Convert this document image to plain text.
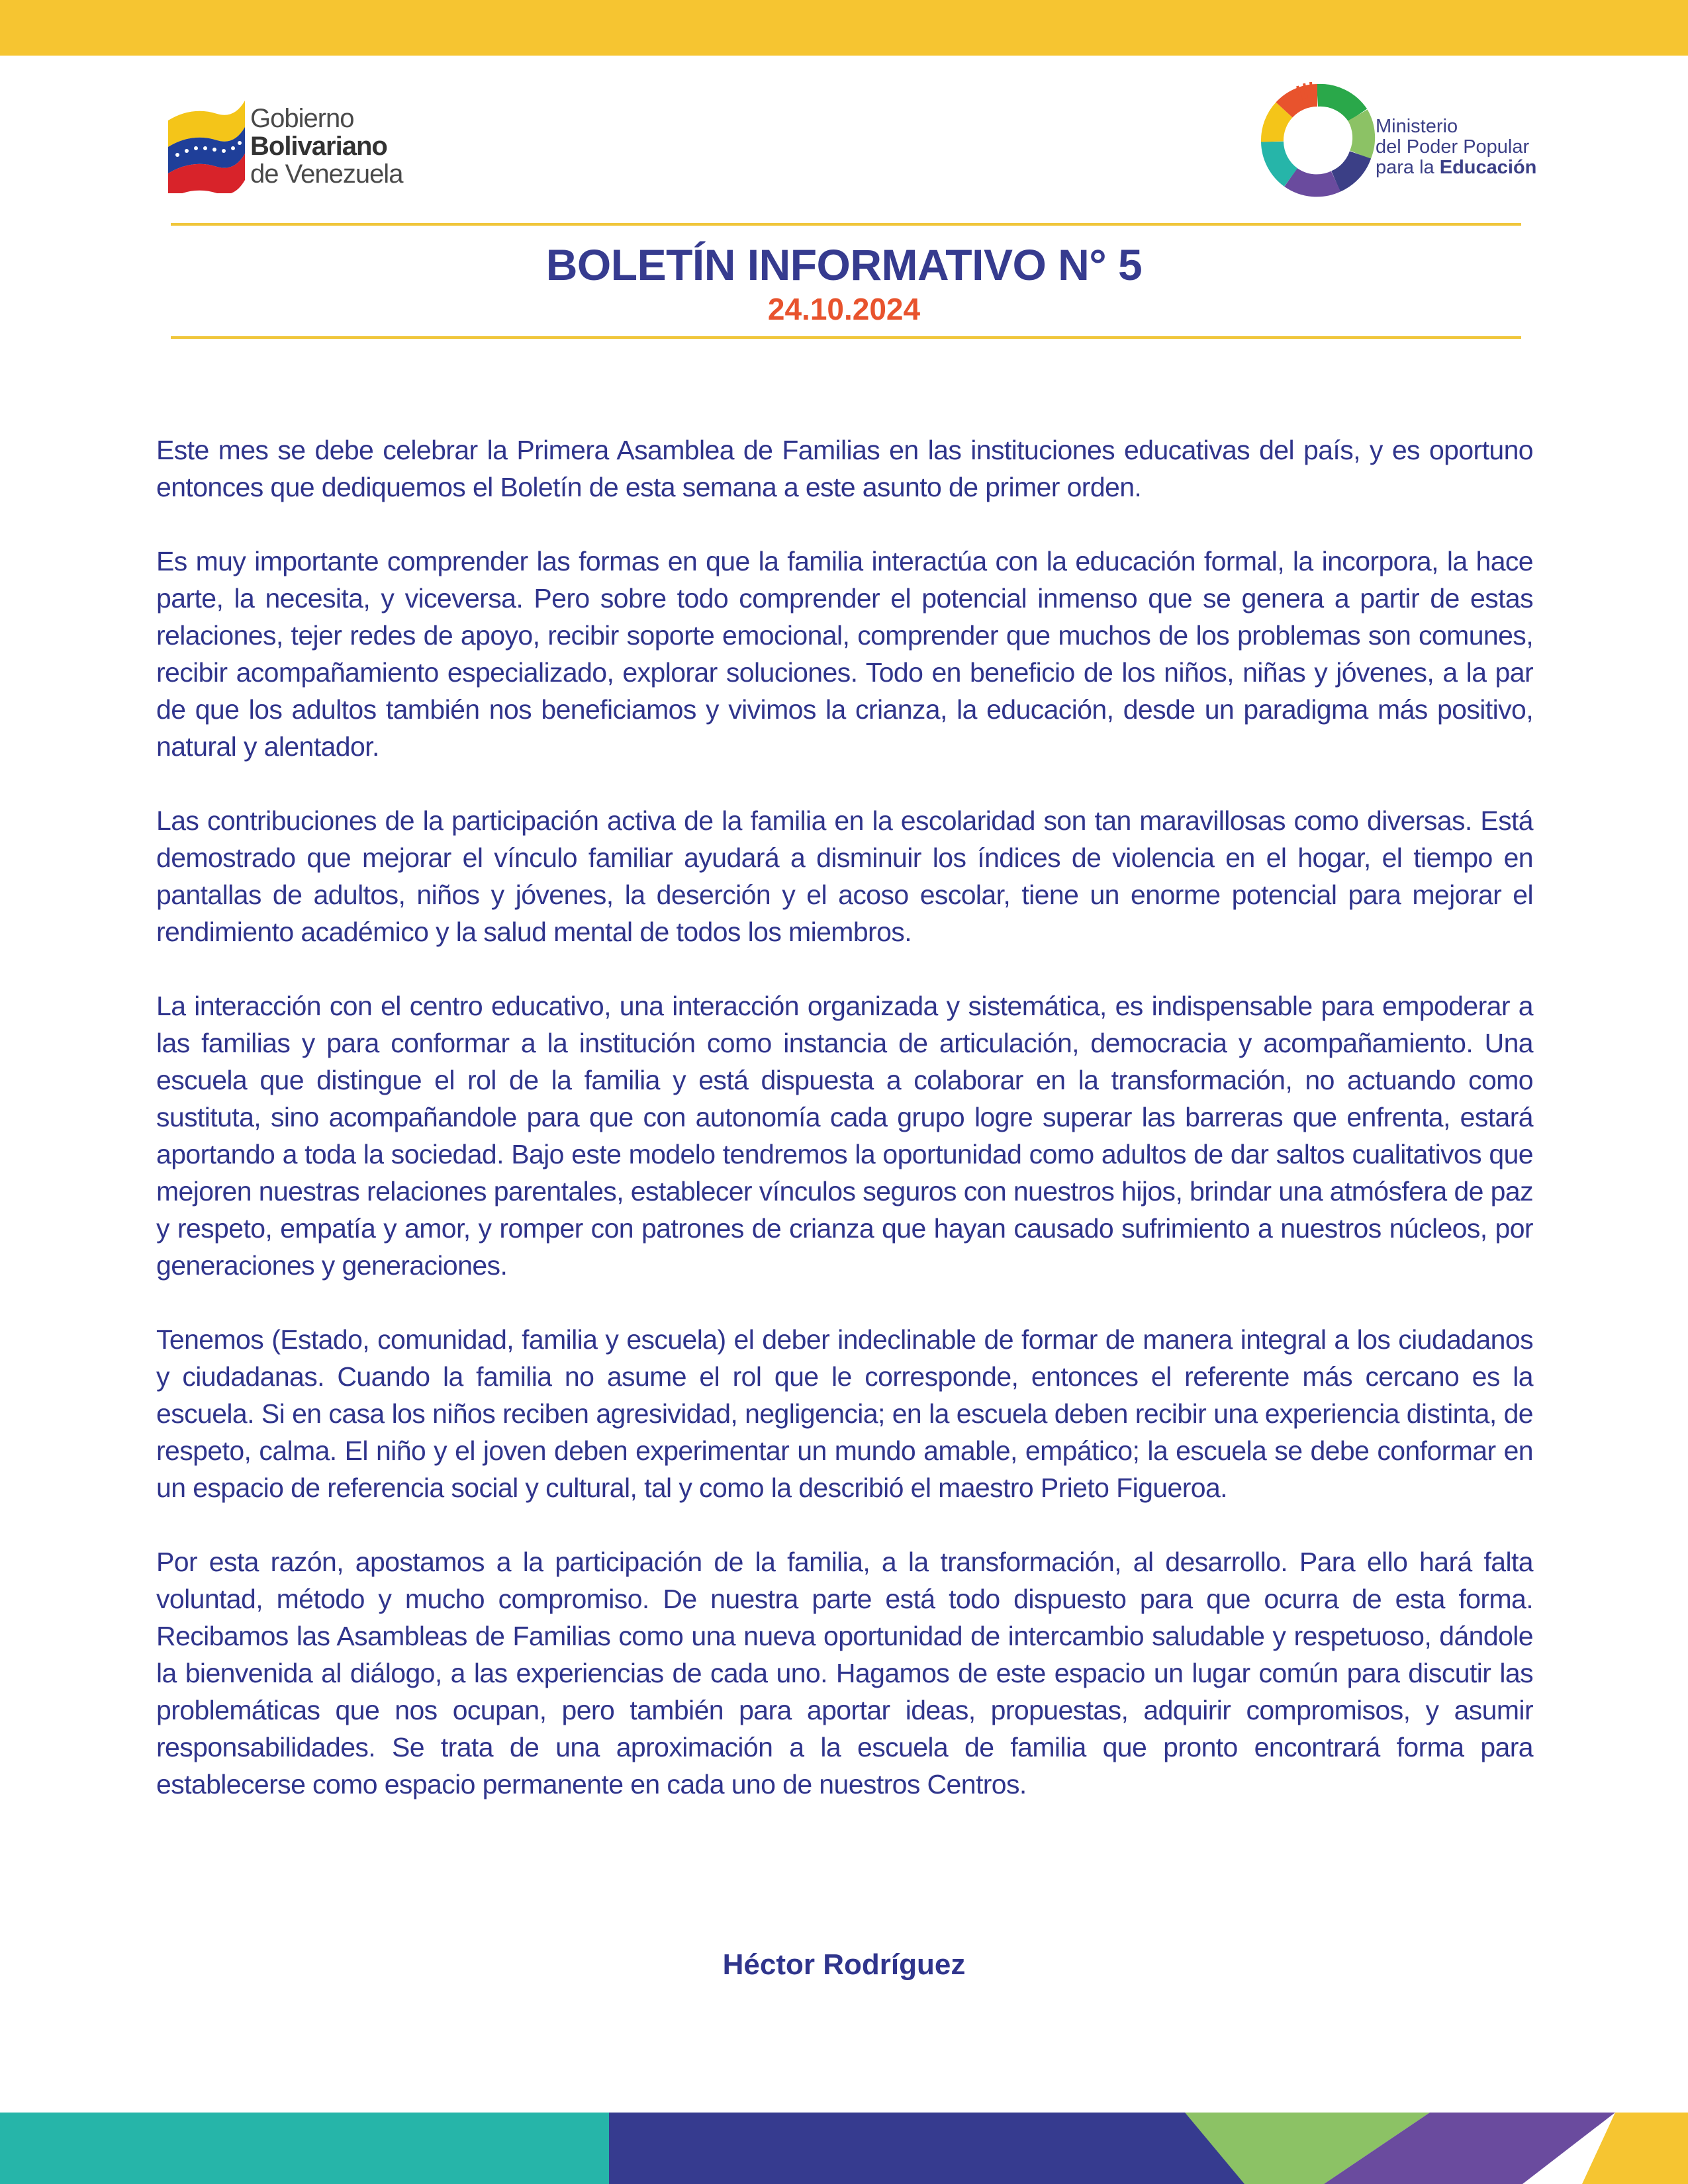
Gobierno
Bolivariano
de Venezuela
Ministerio
del Poder Popular
para la Educación
BOLETÍN INFORMATIVO N° 5
24.10.2024

Este mes se debe celebrar la Primera Asamblea de Familias en las instituciones educativas del país, y es oportuno entonces que dediquemos el Boletín de esta semana a este asunto de primer orden.

Es muy importante comprender las formas en que la familia interactúa con la educación formal, la incorpora, la hace parte, la necesita, y viceversa. Pero sobre todo comprender el potencial inmenso que se genera a partir de estas relaciones, tejer redes de apoyo, recibir soporte emocional, comprender que muchos de los problemas son comunes, recibir acompañamiento especializado, explorar soluciones. Todo en beneficio de los niños, niñas y jóvenes, a la par de que los adultos también nos beneficiamos y vivimos la crianza, la educación, desde un paradigma más positivo, natural y alentador.

Las contribuciones de la participación activa de la familia en la escolaridad son tan maravillosas como diversas. Está demostrado que mejorar el vínculo familiar ayudará a disminuir los índices de violencia en el hogar, el tiempo en pantallas de adultos, niños y jóvenes, la deserción y el acoso escolar, tiene un enorme potencial para mejorar el rendimiento académico y la salud mental de todos los miembros.

La interacción con el centro educativo, una interacción organizada y sistemática, es indispensable para empoderar a las familias y para conformar a la institución como instancia de articulación, democracia y acompañamiento. Una escuela que distingue el rol de la familia y está dispuesta a colaborar en la transformación, no actuando como sustituta, sino acompañandole para que con autonomía cada grupo logre superar las barreras que enfrenta, estará aportando a toda la sociedad. Bajo este modelo tendremos la oportunidad como adultos de dar saltos cualitativos que mejoren nuestras relaciones parentales, establecer vínculos seguros con nuestros hijos, brindar una atmósfera de paz y respeto, empatía y amor, y romper con patrones de crianza que hayan causado sufrimiento a nuestros núcleos, por generaciones y generaciones.

Tenemos (Estado, comunidad, familia y escuela) el deber indeclinable de formar de manera integral a los ciudadanos y ciudadanas. Cuando la familia no asume el rol que le corresponde, entonces el referente más cercano es la escuela. Si en casa los niños reciben agresividad, negligencia; en la escuela deben recibir una experiencia distinta, de respeto, calma. El niño y el joven deben experimentar un mundo amable, empático; la escuela se debe conformar en un espacio de referencia social y cultural, tal y como la describió el maestro Prieto Figueroa.

Por esta razón, apostamos a la participación de la familia, a la transformación, al desarrollo. Para ello hará falta voluntad, método y mucho compromiso. De nuestra parte está todo dispuesto para que ocurra de esta forma. Recibamos las Asambleas de Familias como una nueva oportunidad de intercambio saludable y respetuoso, dándole la bienvenida al diálogo, a las experiencias de cada uno. Hagamos de este espacio un lugar común para discutir las problemáticas que nos ocupan, pero también para aportar ideas, propuestas, adquirir compromisos, y asumir responsabilidades. Se trata de una aproximación a la escuela de familia que pronto encontrará forma para establecerse como espacio permanente en cada uno de nuestros Centros.

Héctor Rodríguez
